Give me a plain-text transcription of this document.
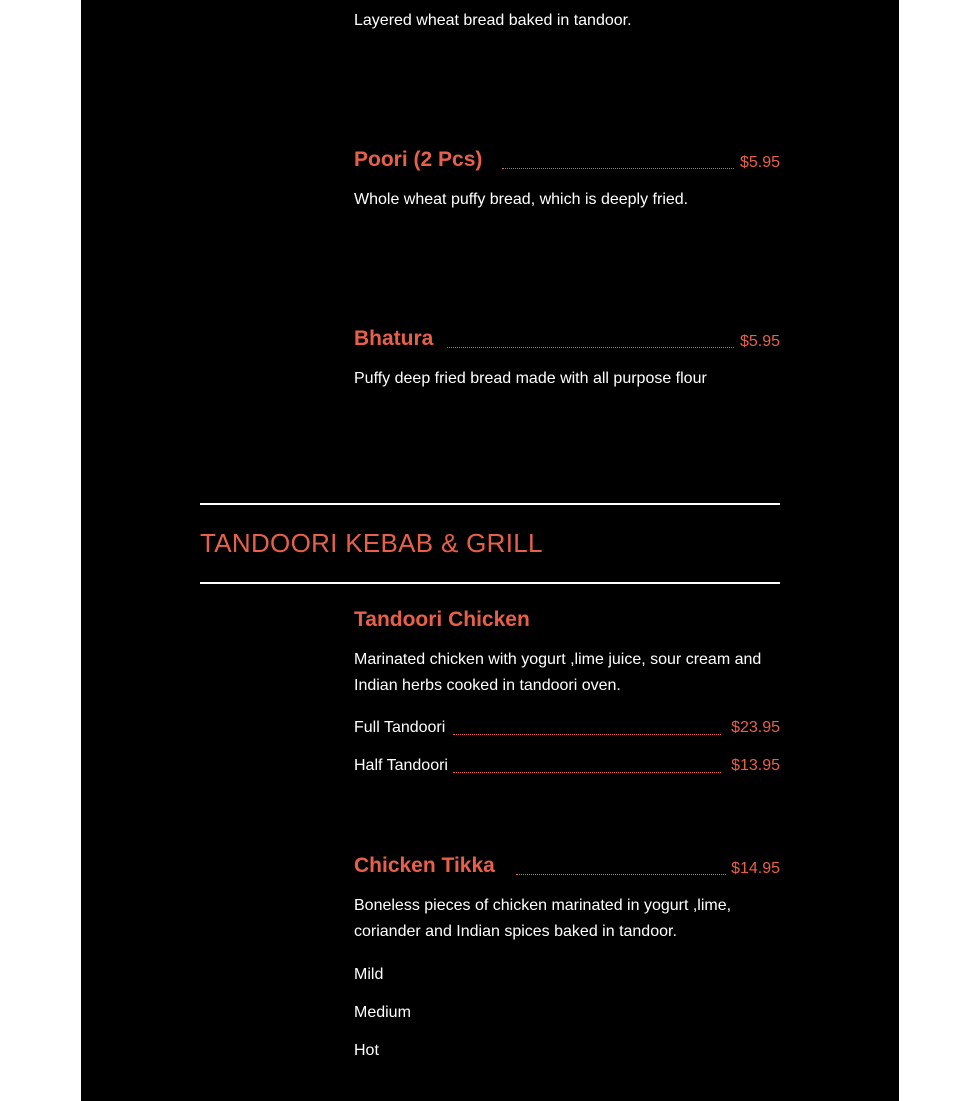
Layered wheat bread baked in tandoor.
Poori (2 Pcs)	$5.95
Whole wheat puffy bread, which is deeply fried.
Bhatura	$5.95
Puffy deep fried bread made with all purpose flour
TANDOORI KEBAB & GRILL
Tandoori Chicken
Marinated chicken with yogurt ,lime juice, sour cream and Indian herbs cooked in tandoori oven.
Full Tandoori	$23.95
Half Tandoori	$13.95
Chicken Tikka	$14.95
Boneless pieces of chicken marinated in yogurt ,lime, coriander and Indian spices baked in tandoor.
Mild
Medium
Hot
